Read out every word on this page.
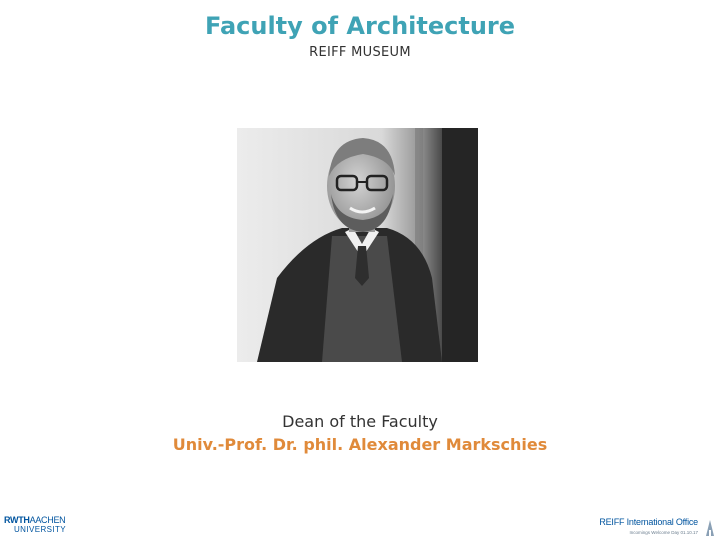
Faculty of Architecture
REIFF MUSEUM
Dean of the Faculty
Univ.-Prof. Dr. phil. Alexander Markschies
RWTHAACHEN
UNIVERSITY
REIFF International Office
Incomings Welcome Day 01.10.17
